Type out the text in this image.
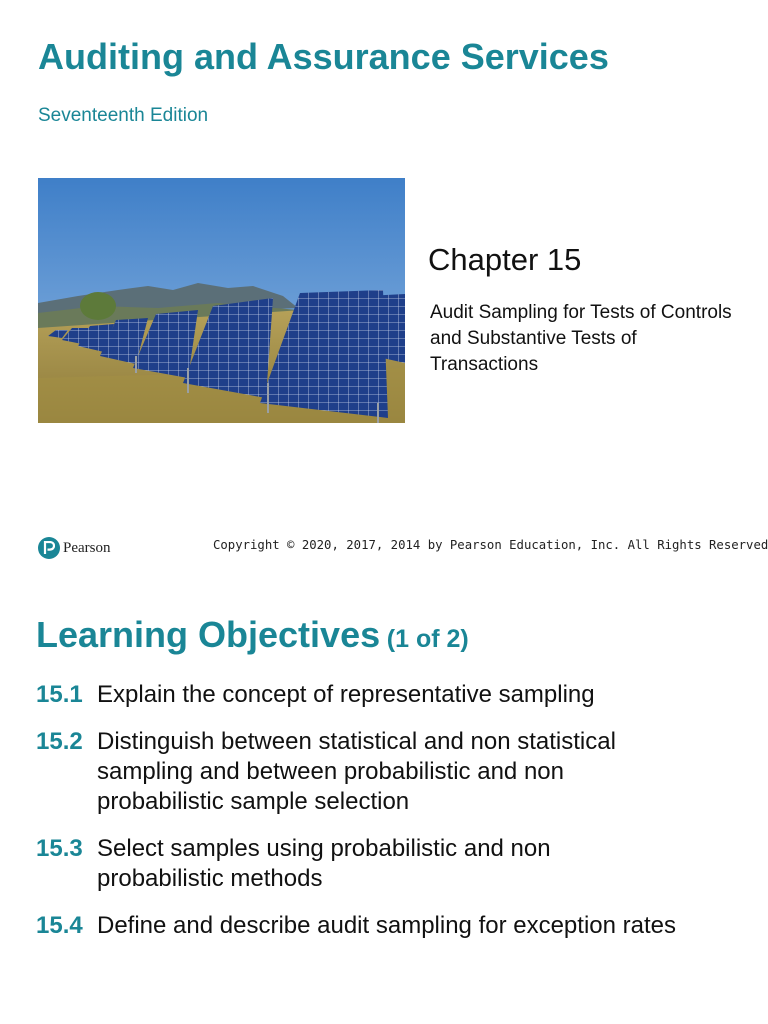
Auditing and Assurance Services
Seventeenth Edition
Chapter 15
Audit Sampling for Tests of Controls and Substantive Tests of Transactions
Pearson	Copyright © 2020, 2017, 2014 by Pearson Education, Inc. All Rights Reserved
Learning Objectives (1 of 2)
15.1 Explain the concept of representative sampling
15.2 Distinguish between statistical and non statistical sampling and between probabilistic and non probabilistic sample selection
15.3 Select samples using probabilistic and non probabilistic methods
15.4 Define and describe audit sampling for exception rates
